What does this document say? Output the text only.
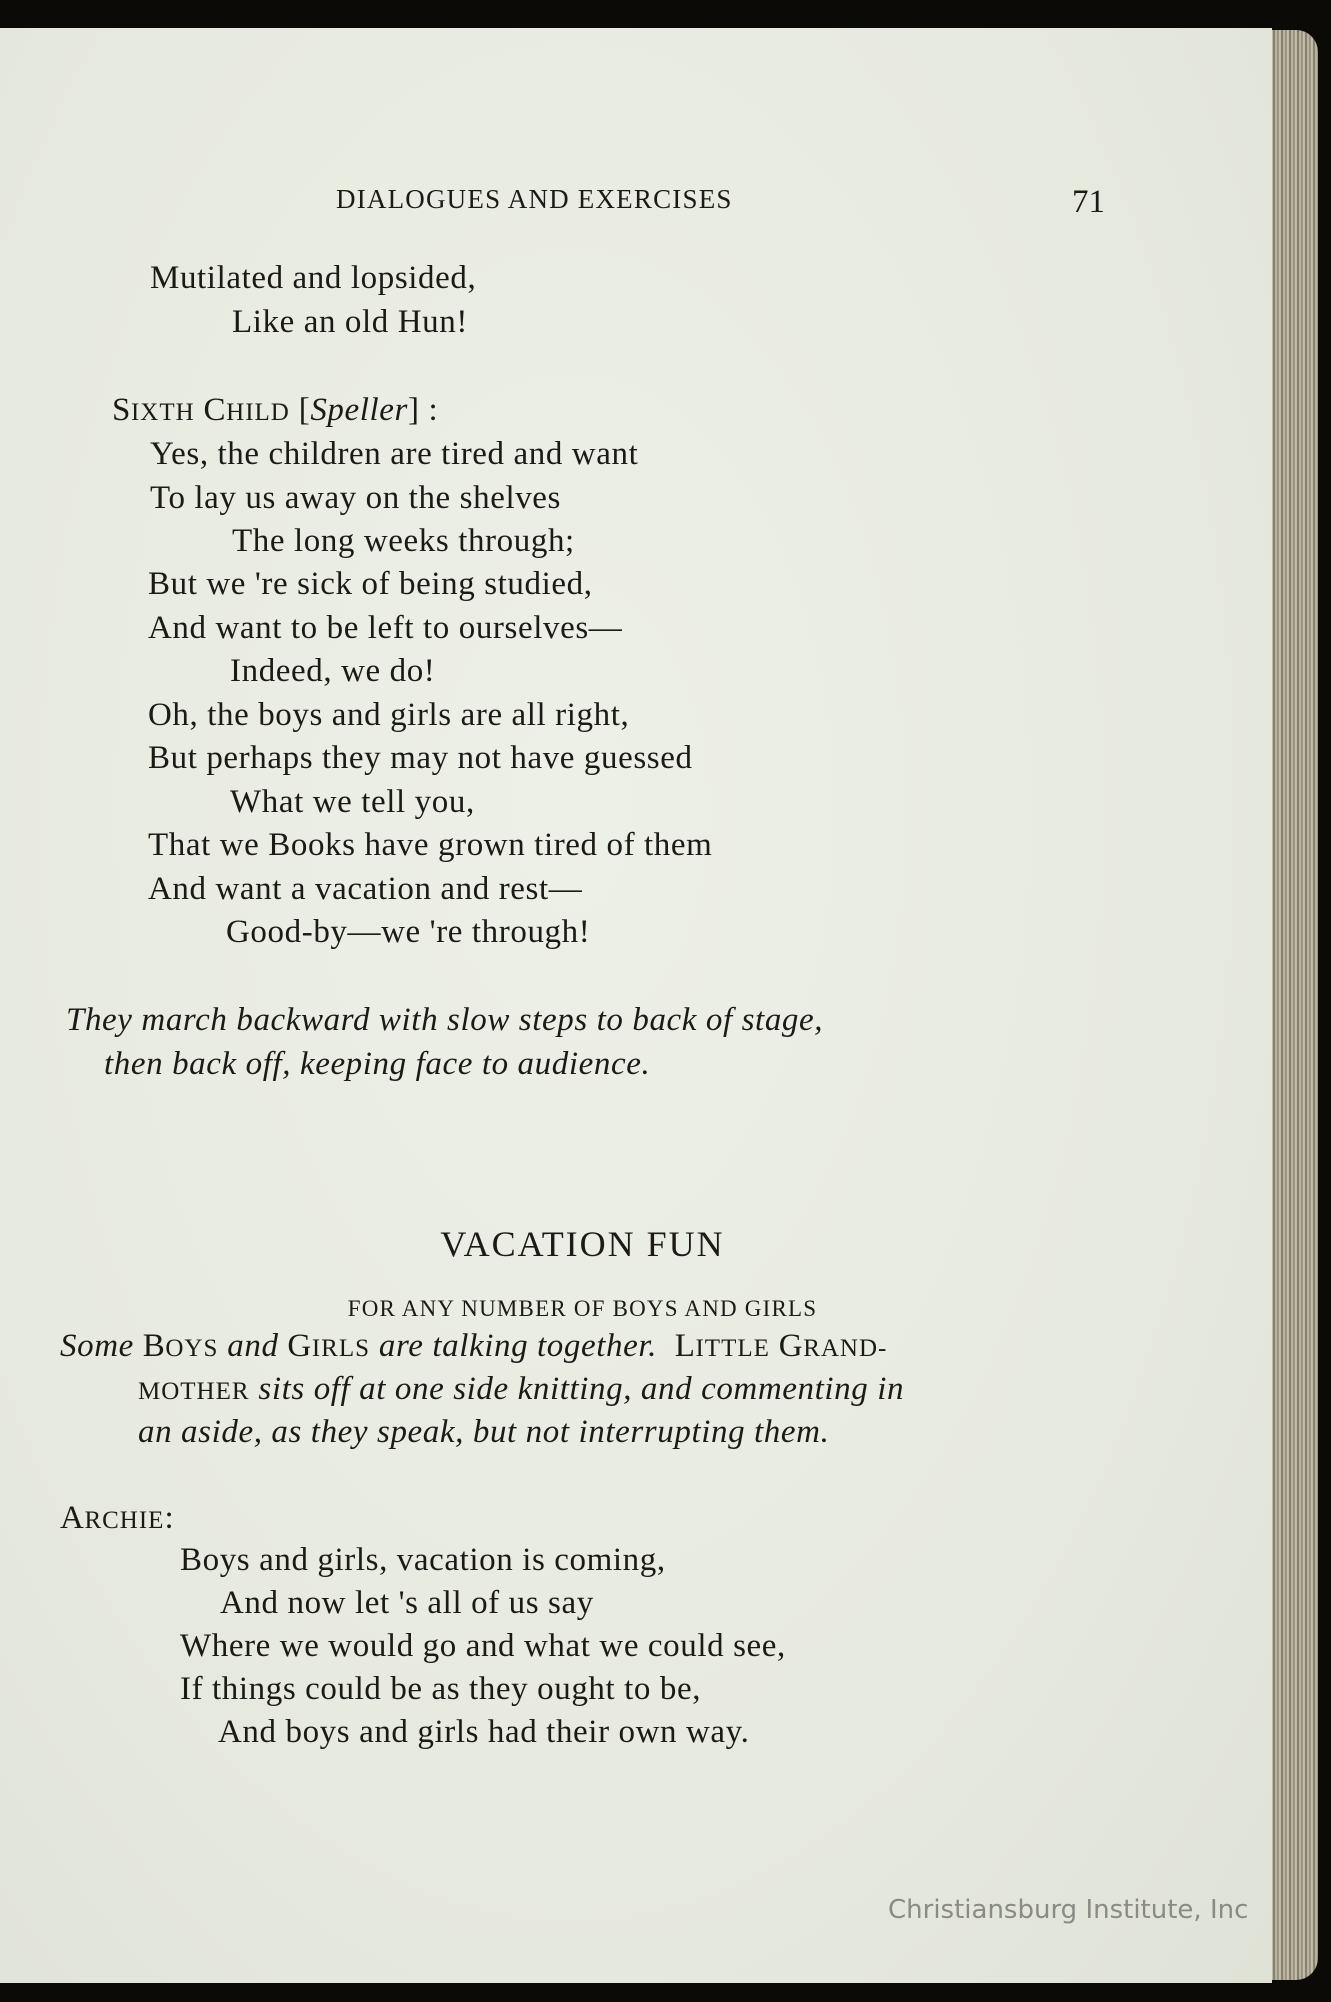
DIALOGUES AND EXERCISES	71
Mutilated and lopsided,
Like an old Hun!
SIXTH CHILD [Speller] :
Yes, the children are tired and want
To lay us away on the shelves
The long weeks through;
But we 're sick of being studied,
And want to be left to ourselves—
Indeed, we do!
Oh, the boys and girls are all right,
But perhaps they may not have guessed
What we tell you,
That we Books have grown tired of them
And want a vacation and rest—
Good-by—we 're through!
They march backward with slow steps to back of stage,
then back off, keeping face to audience.
VACATION FUN
FOR ANY NUMBER OF BOYS AND GIRLS
Some BOYS and GIRLS are talking together. LITTLE GRAND-
MOTHER sits off at one side knitting, and commenting in
an aside, as they speak, but not interrupting them.
ARCHIE:
Boys and girls, vacation is coming,
And now let 's all of us say
Where we would go and what we could see,
If things could be as they ought to be,
And boys and girls had their own way.
Christiansburg Institute, Inc
